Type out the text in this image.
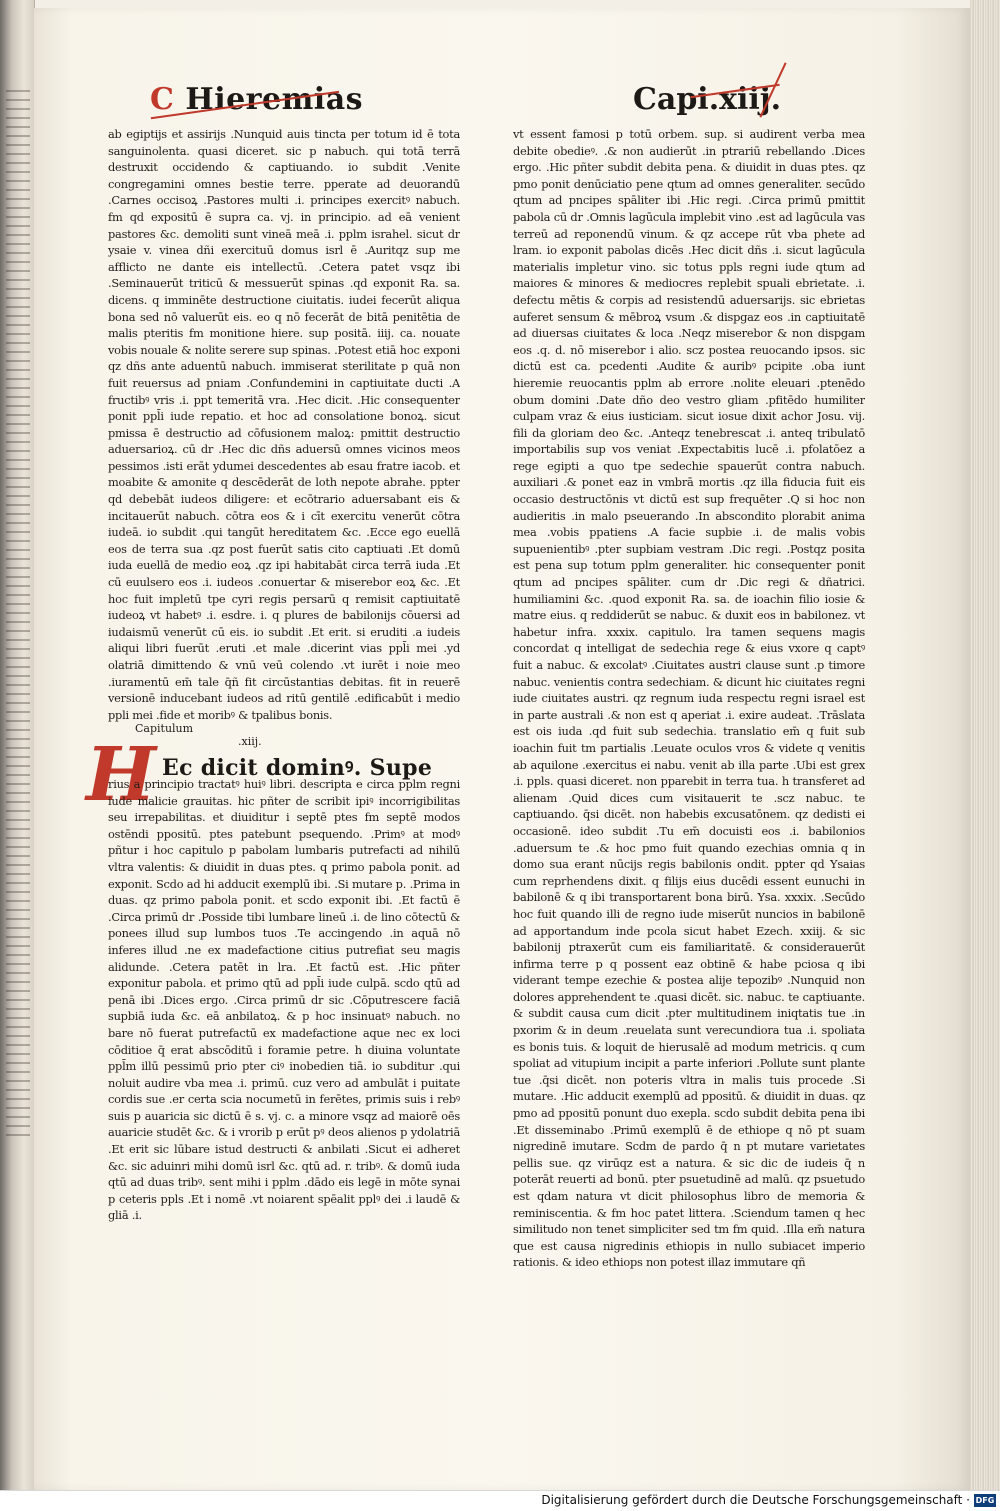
C Hieremias	Capi.xiij.

ab egiptijs et assirijs .Nunquid auis tincta per totum id ē tota sanguinolenta. quasi diceret. sic p nabuch. qui totā terrā destruxit occidendo & captiuando. io subdit .Venite congregamini omnes bestie terre. pperate ad deuorandū .Carnes occisoꝝ .Pastores multi .i. principes exercitꝰ nabuch. fm qd expositū ē supra ca. vj. in principio. ad eā venient pastores &c. demoliti sunt vineā meā .i. pplm israhel. sicut dr ysaie v. vinea dñi exercituū domus isrl ē .Auritqz sup me afflicto ne dante eis intellectū. .Cetera patet vsqz ibi .Seminauerūt triticū & messuerūt spinas .qd exponit Ra. sa. dicens. q imminēte destructione ciuitatis. iudei fecerūt aliqua bona sed nō valuerūt eis. eo q nō fecerāt de bitā penitētia de malis pteritis fm monitione hiere. sup positā. iiij. ca. nouate vobis nouale & nolite serere sup spinas. .Potest etiā hoc exponi qz dñs ante aduentū nabuch. immiserat sterilitate p quā non fuit reuersus ad pniam .Confundemini in captiuitate ducti .A fructibꝰ vris .i. ppt temeritā vra. .Hec dicit. .Hic consequenter ponit ppl̄i iude repatio. et hoc ad consolatione bonoꝝ. sicut pmissa ē destructio ad cōfusionem maloꝝ: pmittit destructio aduersarioꝝ. cū dr .Hec dic dñs aduersū omnes vicinos meos pessimos .isti erāt ydumei descedentes ab esau fratre iacob. et moabite & amonite q descēderāt de loth nepote abrahe. ppter qd debebāt iudeos diligere: et ecōtrario aduersabant eis & incitauerūt nabuch. cōtra eos & i cīt exercitu venerūt cōtra iudeā. io subdit .qui tangūt hereditatem &c. .Ecce ego euellā eos de terra sua .qz post fuerūt satis cito captiuati .Et domū iuda euellā de medio eoꝝ .qz ipi habitabāt circa terrā iuda .Et cū euulsero eos .i. iudeos .conuertar & miserebor eoꝝ &c. .Et hoc fuit impletū tpe cyri regis persarū q remisit captiuitatē iudeoꝝ vt habetꝰ .i. esdre. i. q plures de babilonijs cōuersi ad iudaismū venerūt cū eis. io subdit .Et erit. si eruditi .a iudeis aliqui libri fuerūt .eruti .et male .dicerint vias ppl̄i mei .yd olatriā dimittendo & vnū veū colendo .vt iurēt i noie meo .iuramentū em̄ tale q̄ñ fit circūstantias debitas. fit in reuerē versionē inducebant iudeos ad ritū gentilē .edificabūt i medio ppli mei .fide et moribꝰ & tpalibus bonis.

Capitulum
.xiij.
H Ec dicit dominꝰ. Supe

rius a principio tractatꝰ huiꝰ libri. descripta e circa pplm regni iude malicie grauitas. hic pñter de scribit ipiꝰ incorrigibilitas seu irrepabilitas. et diuiditur i septē ptes fm septē modos ostēndi ppositū. ptes patebunt psequendo. .Primꝰ at modꝰ pñtur i hoc capitulo p pabolam lumbaris putrefacti ad nihilū vltra valentis: & diuidit in duas ptes. q primo pabola ponit. ad exponit. Scdo ad hi adducit exemplū ibi. .Si mutare p. .Prima in duas. qz primo pabola ponit. et scdo exponit ibi. .Et factū ē .Circa primū dr .Posside tibi lumbare lineū .i. de lino cōtectū & ponees illud sup lumbos tuos .Te accingendo .in aquā nō inferes illud .ne ex madefactione citius putrefiat seu magis alidunde. .Cetera patēt in lra. .Et factū est. .Hic pñter exponitur pabola. et primo qtū ad ppl̄i iude culpā. scdo qtū ad penā ibi .Dices ergo. .Circa primū dr sic .Cōputrescere faciā supbiā iuda &c. eā anbilatoꝝ. & p hoc insinuatꝰ nabuch. no bare nō fuerat putrefactū ex madefactione aque nec ex loci cōditioe q̄ erat abscōditū i foramie petre. h diuina voluntate ppl̄m illū pessimū prio pter ciꝰ inobedien tiā. io subditur .qui noluit audire vba mea .i. primū. cuz vero ad ambulāt i puitate cordis sue .er certa scia nocumetū in ferētes, primis suis i rebꝰ suis p auaricia sic dictū ē s. vj. c. a minore vsqz ad maiorē oēs auaricie studēt &c. & i vrorib p erūt pꝰ deos alienos p ydolatriā .Et erit sic lūbare istud destructi & anbilati .Sicut ei adheret &c. sic aduinri mihi domū isrl &c. qtū ad. r. tribꝰ. & domū iuda qtū ad duas tribꝰ. sent mihi i pplm .dādo eis legē in mōte synai p ceteris ppls .Et i nomē .vt noiarent spēalit pplꝰ dei .i laudē & gliā .i.

vt essent famosi p totū orbem. sup. si audirent verba mea debite obedieꝰ. .& non audierūt .in ptrariū rebellando .Dices ergo. .Hic pñter subdit debita pena. & diuidit in duas ptes. qz pmo ponit denūciatio pene qtum ad omnes generaliter. secūdo qtum ad pncipes spāliter ibi .Hic regi. .Circa primū pmittit pabola cū dr .Omnis lagūcula implebit vino .est ad lagūcula vas terreū ad reponendū vinum. & qz accepe rūt vba phete ad lram. io exponit pabolas dicēs .Hec dicit dñs .i. sicut lagūcula materialis impletur vino. sic totus ppls regni iude qtum ad maiores & minores & mediocres replebit spuali ebrietate. .i. defectu mētis & corpis ad resistendū aduersarijs. sic ebrietas auferet sensum & mēbroꝝ vsum .& dispgaz eos .in captiuitatē ad diuersas ciuitates & loca .Neqz miserebor & non dispgam eos .q. d. nō miserebor i alio. scz postea reuocando ipsos. sic dictū est ca. pcedenti .Audite & auribꝰ pcipite .oba iunt hieremie reuocantis pplm ab errore .nolite eleuari .ptenēdo obum domini .Date dño deo vestro gliam .pfitēdo humiliter culpam vraz & eius iusticiam. sicut iosue dixit achor Josu. vij. fili da gloriam deo &c. .Anteqz tenebrescat .i. anteq tribulatō importabilis sup vos veniat .Expectabitis lucē .i. pfolatōez a rege egipti a quo tpe sedechie spauerūt contra nabuch. auxiliari .& ponet eaz in vmbrā mortis .qz illa fiducia fuit eis occasio destructōnis vt dictū est sup frequēter .Q si hoc non audieritis .in malo pseuerando .In abscondito plorabit anima mea .vobis ppatiens .A facie supbie .i. de malis vobis supuenientibꝰ .pter supbiam vestram .Dic regi. .Postqz posita est pena sup totum pplm generaliter. hic consequenter ponit qtum ad pncipes spāliter. cum dr .Dic regi & dñatrici. humiliamini &c. .quod exponit Ra. sa. de ioachin filio iosie & matre eius. q reddiderūt se nabuc. & duxit eos in babilonez. vt habetur infra. xxxix. capitulo. lra tamen sequens magis concordat q intelligat de sedechia rege & eius vxore q captꝰ fuit a nabuc. & excolatꝰ .Ciuitates austri clause sunt .p timore nabuc. venientis contra sedechiam. & dicunt hic ciuitates regni iude ciuitates austri. qz regnum iuda respectu regni israel est in parte australi .& non est q aperiat .i. exire audeat. .Trāslata est ois iuda .qd fuit sub sedechia. translatio em̄ q fuit sub ioachin fuit tm partialis .Leuate oculos vros & videte q venitis ab aquilone .exercitus ei nabu. venit ab illa parte .Ubi est grex .i. ppls. quasi diceret. non pparebit in terra tua. h transferet ad alienam .Quid dices cum visitauerit te .scz nabuc. te captiuando. q̄si dicēt. non habebis excusatōnem. qz dedisti ei occasionē. ideo subdit .Tu em̄ docuisti eos .i. babilonios .aduersum te .& hoc pmo fuit quando ezechias omnia q in domo sua erant nūcijs regis babilonis ondit. ppter qd Ysaias cum reprhendens dixit. q filijs eius ducēdi essent eunuchi in babilonē & q ibi transportarent bona birū. Ysa. xxxix. .Secūdo hoc fuit quando illi de regno iude miserūt nuncios in babilonē ad apportandum inde pcola sicut habet Ezech. xxiij. & sic babilonij ptraxerūt cum eis familiaritatē. & considerauerūt infirma terre p q possent eaz obtinē & habe pciosa q ibi viderant tempe ezechie & postea alije tepozibꝰ .Nunquid non dolores apprehendent te .quasi dicēt. sic. nabuc. te captiuante. & subdit causa cum dicit .pter multitudinem iniqtatis tue .in pxorim & in deum .reuelata sunt verecundiora tua .i. spoliata es bonis tuis. & loquit de hierusalē ad modum metricis. q cum spoliat ad vitupium incipit a parte inferiori .Pollute sunt plante tue .q̄si dicēt. non poteris vltra in malis tuis procede .Si mutare. .Hic adducit exemplū ad ppositū. & diuidit in duas. qz pmo ad ppositū ponunt duo exepla. scdo subdit debita pena ibi .Et disseminabo .Primū exemplū ē de ethiope q nō pt suam nigredinē imutare. Scdm de pardo q̄ n pt mutare varietates pellis sue. qz virūqz est a natura. & sic dic de iudeis q̄ n poterāt reuerti ad bonū. pter psuetudinē ad malū. qz psuetudo est qdam natura vt dicit philosophus libro de memoria & reminiscentia. & fm hoc patet littera. .Sciendum tamen q hec similitudo non tenet simpliciter sed tm fm quid. .Illa em̄ natura que est causa nigredinis ethiopis in nullo subiacet imperio rationis. & ideo ethiops non potest illaz immutare qñ

Digitalisierung gefördert durch die Deutsche Forschungsgemeinschaft · DFG
